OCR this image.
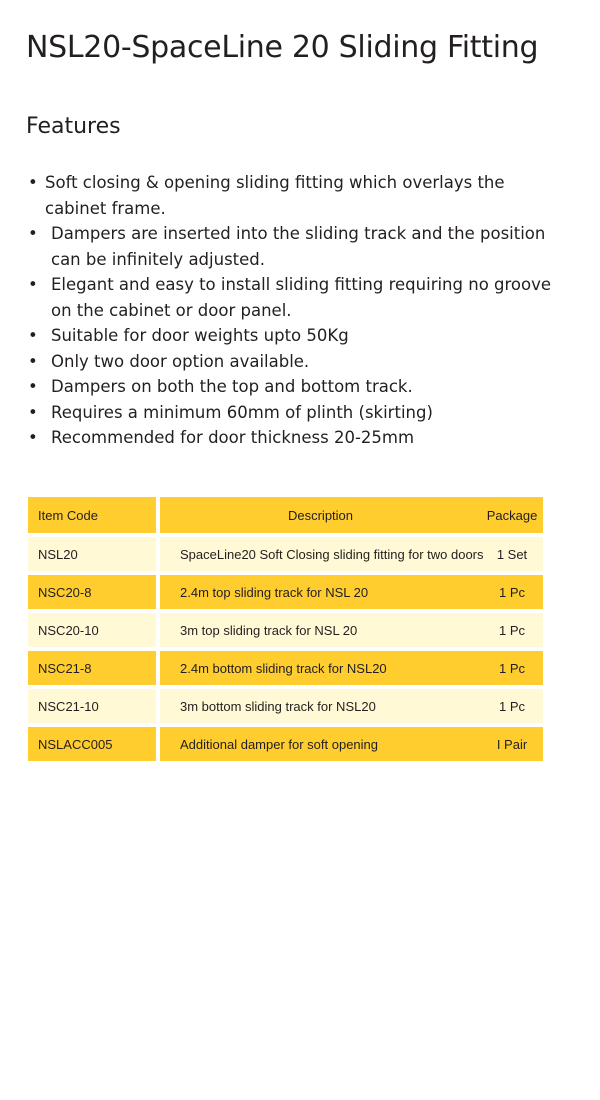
NSL20-SpaceLine 20 Sliding Fitting
Features
• Soft closing & opening sliding fitting which overlays the cabinet frame.
• Dampers are inserted into the sliding track and the position can be infinitely adjusted.
• Elegant and easy to install sliding fitting requiring no groove on the cabinet or door panel.
• Suitable for door weights upto 50Kg
• Only two door option available.
• Dampers on both the top and bottom track.
• Requires a minimum 60mm of plinth (skirting)
• Recommended for door thickness 20-25mm
Item Code		Description	Package
NSL20		SpaceLine20 Soft Closing sliding fitting for two doors	1 Set
NSC20-8		2.4m top sliding track for NSL 20	1 Pc
NSC20-10		3m top sliding track for NSL 20	1 Pc
NSC21-8		2.4m bottom sliding track for NSL20	1 Pc
NSC21-10		3m bottom sliding track for NSL20	1 Pc
NSLACC005		Additional damper for soft opening	I Pair
